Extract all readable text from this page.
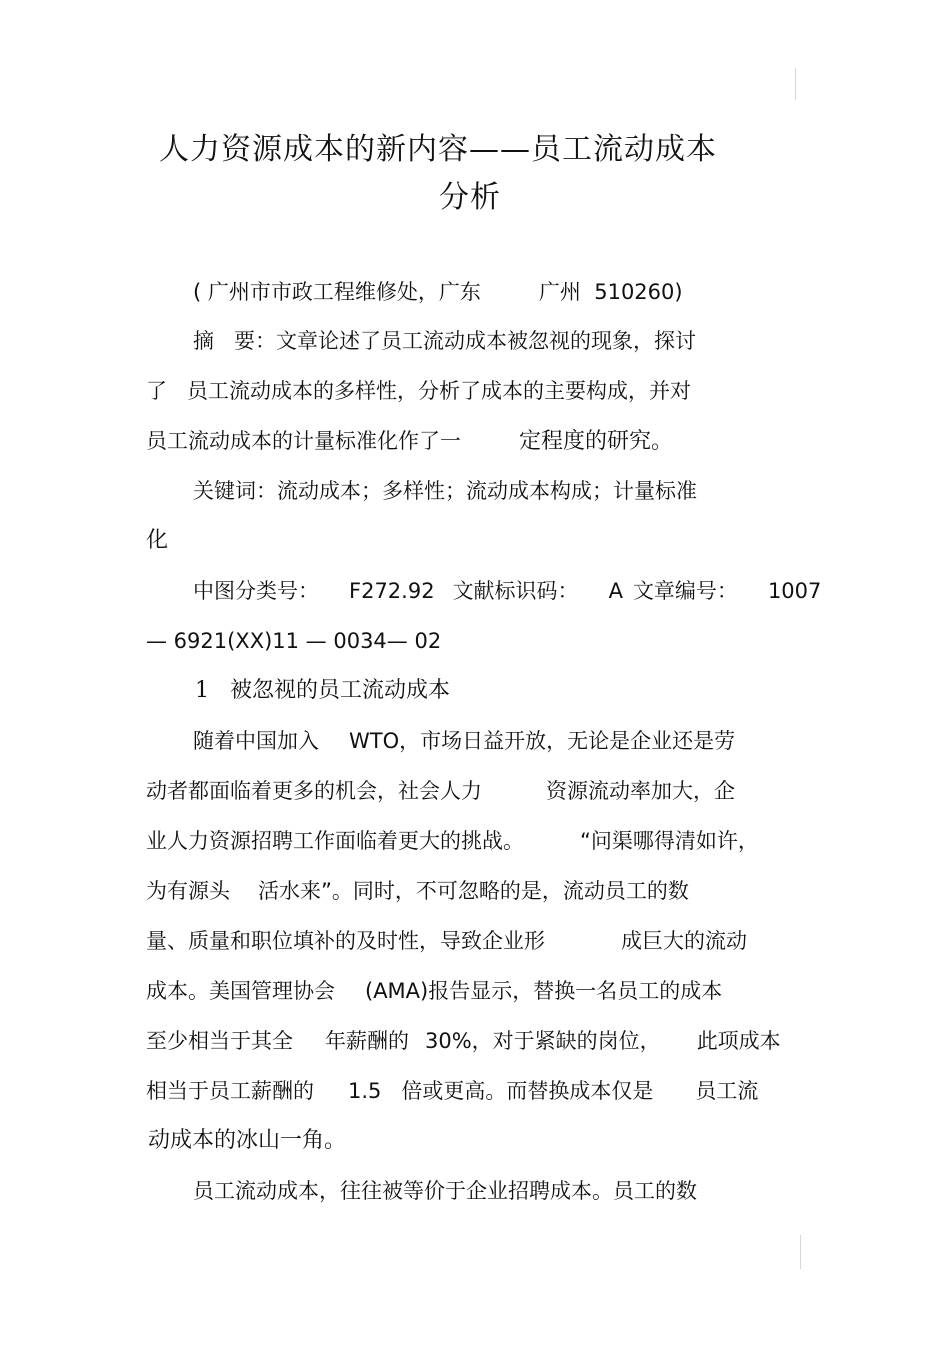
人力资源成本的新内容——员工流动成本
分析
( 广州市市政工程维修处，广东	广州  510260)
摘   要：文章论述了员工流动成本被忽视的现象，探讨
了   员工流动成本的多样性，分析了成本的主要构成，并对
员工流动成本的计量标准化作了一	定程度的研究。
关键词：流动成本；多样性；流动成本构成；计量标准
化
中图分类号： F272.92 文献标识码： A 文章编号： 1007
— 6921(XX)11 — 0034— 02
1   被忽视的员工流动成本
随着中国加入 WTO，市场日益开放，无论是企业还是劳
动者都面临着更多的机会，社会人力	资源流动率加大，企
业人力资源招聘工作面临着更大的挑战。	“问渠哪得清如许，
为有源头 活水来”。同时，不可忽略的是，流动员工的数
量、质量和职位填补的及时性，导致企业形	成巨大的流动
成本。美国管理协会 (AMA)报告显示，替换一名员工的成本
至少相当于其全 年薪酬的 30%，对于紧缺的岗位， 此项成本
相当于员工薪酬的 1.5 倍或更高。而替换成本仅是 员工流
动成本的冰山一角。
员工流动成本，往往被等价于企业招聘成本。员工的数
